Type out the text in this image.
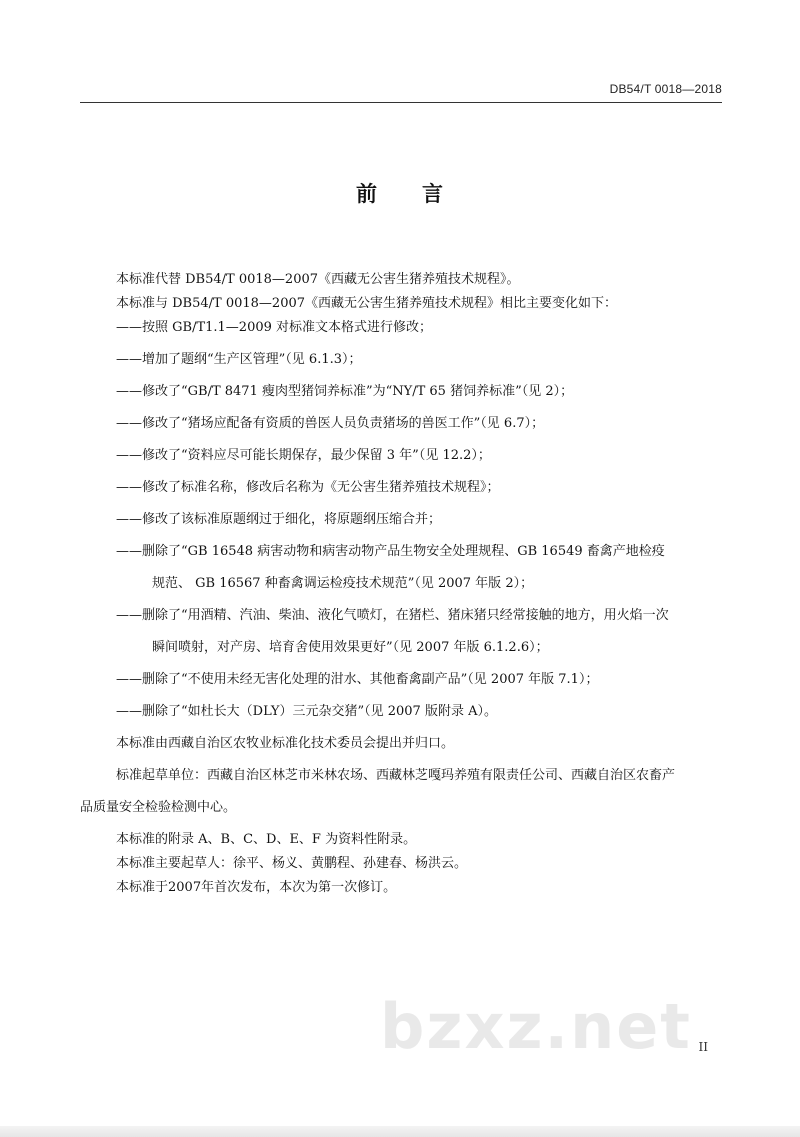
DB54/T 0018—2018
前 言
本标准代替 DB54/T 0018—2007《西藏无公害生猪养殖技术规程》。
本标准与 DB54/T 0018—2007《西藏无公害生猪养殖技术规程》相比主要变化如下：
——按照 GB/T1.1—2009 对标准文本格式进行修改；
——增加了题纲“生产区管理”（见 6.1.3）；
——修改了“GB/T 8471 瘦肉型猪饲养标准”为“NY/T 65 猪饲养标准”（见 2）；
——修改了“猪场应配备有资质的兽医人员负责猪场的兽医工作”（见 6.7）；
——修改了“资料应尽可能长期保存，最少保留 3 年”（见 12.2）；
——修改了标准名称，修改后名称为《无公害生猪养殖技术规程》；
——修改了该标准原题纲过于细化，将原题纲压缩合并；
——删除了“GB 16548 病害动物和病害动物产品生物安全处理规程、GB 16549 畜禽产地检疫
规范、 GB 16567 种畜禽调运检疫技术规范”（见 2007 年版 2）；
——删除了“用酒精、汽油、柴油、液化气喷灯，在猪栏、猪床猪只经常接触的地方，用火焰一次
瞬间喷射，对产房、培育舍使用效果更好”（见 2007 年版 6.1.2.6）；
——删除了“不使用未经无害化处理的泔水、其他畜禽副产品”（见 2007 年版 7.1）；
——删除了“如杜长大（DLY）三元杂交猪”（见 2007 版附录 A）。
本标准由西藏自治区农牧业标准化技术委员会提出并归口。
标准起草单位：西藏自治区林芝市米林农场、西藏林芝嘎玛养殖有限责任公司、西藏自治区农畜产
品质量安全检验检测中心。
本标准的附录 A、B、C、D、E、F 为资料性附录。
本标准主要起草人：徐平、杨义、黄鹏程、孙建春、杨洪云。
本标准于2007年首次发布，本次为第一次修订。
bzxz.net II
